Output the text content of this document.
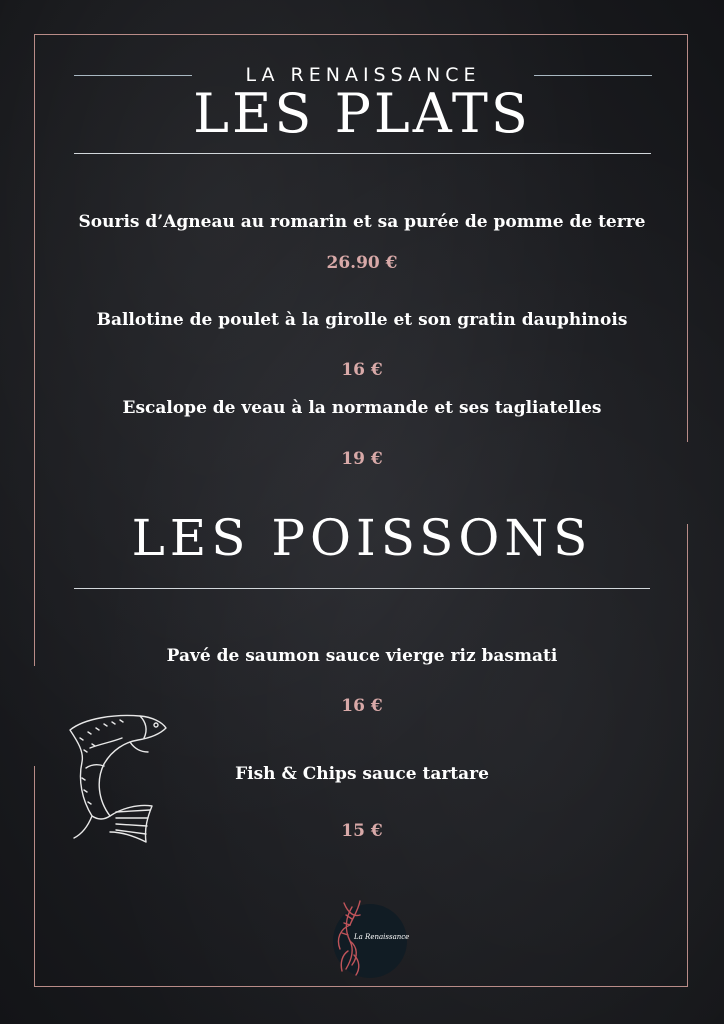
LA RENAISSANCE
LES PLATS
Souris d’Agneau au romarin et sa purée de pomme de terre
26.90 €
Ballotine de poulet à la girolle et son gratin dauphinois
16 €
Escalope de veau à la normande et ses tagliatelles
19 €
LES POISSONS
Pavé de saumon sauce vierge riz basmati
16 €
Fish & Chips sauce tartare
15 €
La Renaissance
